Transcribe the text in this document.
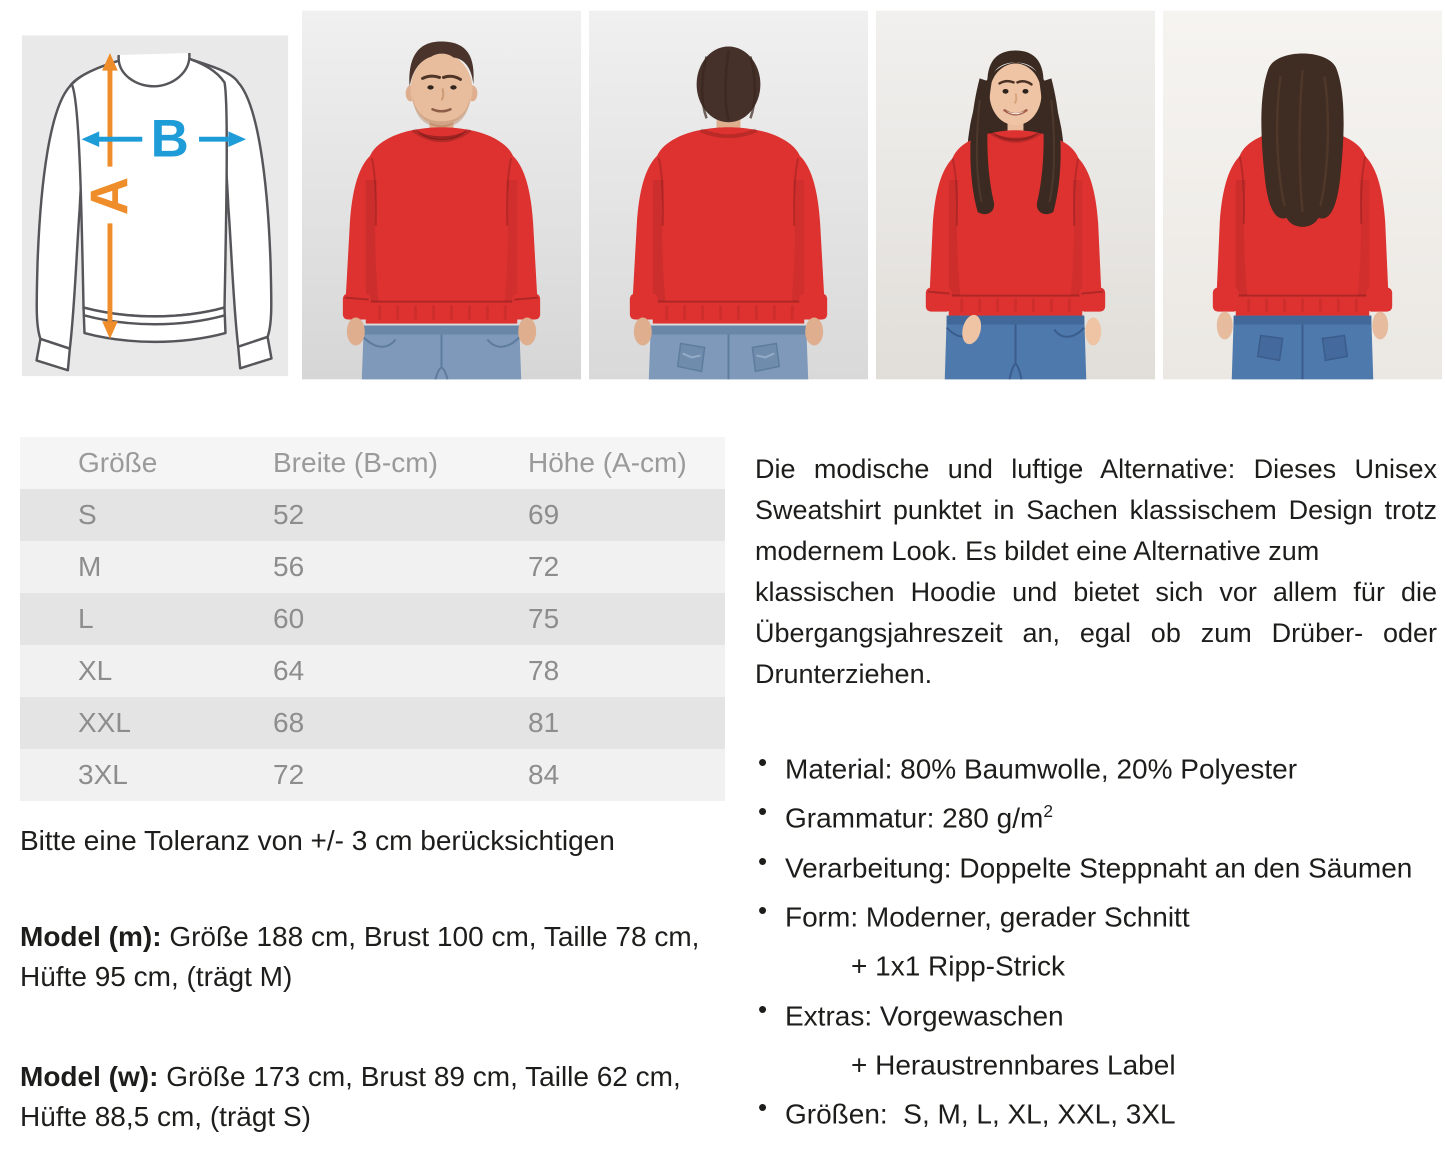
A
B
Größe	Breite (B-cm)	Höhe (A-cm)
S	52	69
M	56	72
L	60	75
XL	64	78
XXL	68	81
3XL	72	84

Bitte eine Toleranz von +/- 3 cm berücksichtigen

Model (m): Größe 188 cm, Brust 100 cm, Taille 78 cm, Hüfte 95 cm, (trägt M)

Model (w): Größe 173 cm, Brust 89 cm, Taille 62 cm, Hüfte 88,5 cm, (trägt S)

Die modische und luftige Alternative: Dieses Unisex
Sweatshirt punktet in Sachen klassischem Design trotz
modernem Look. Es bildet eine Alternative zum
klassischen Hoodie und bietet sich vor allem für die
Übergangsjahreszeit an, egal ob zum Drüber- oder
Drunterziehen.
• Material: 80% Baumwolle, 20% Polyester
• Grammatur: 280 $g/m^2$
• Verarbeitung: Doppelte Steppnaht an den Säumen
• Form: Moderner, gerader Schnitt
+ 1x1 Ripp-Strick
• Extras: Vorgewaschen
+ Heraustrennbares Label
• Größen:  S, M, L, XL, XXL, 3XL
